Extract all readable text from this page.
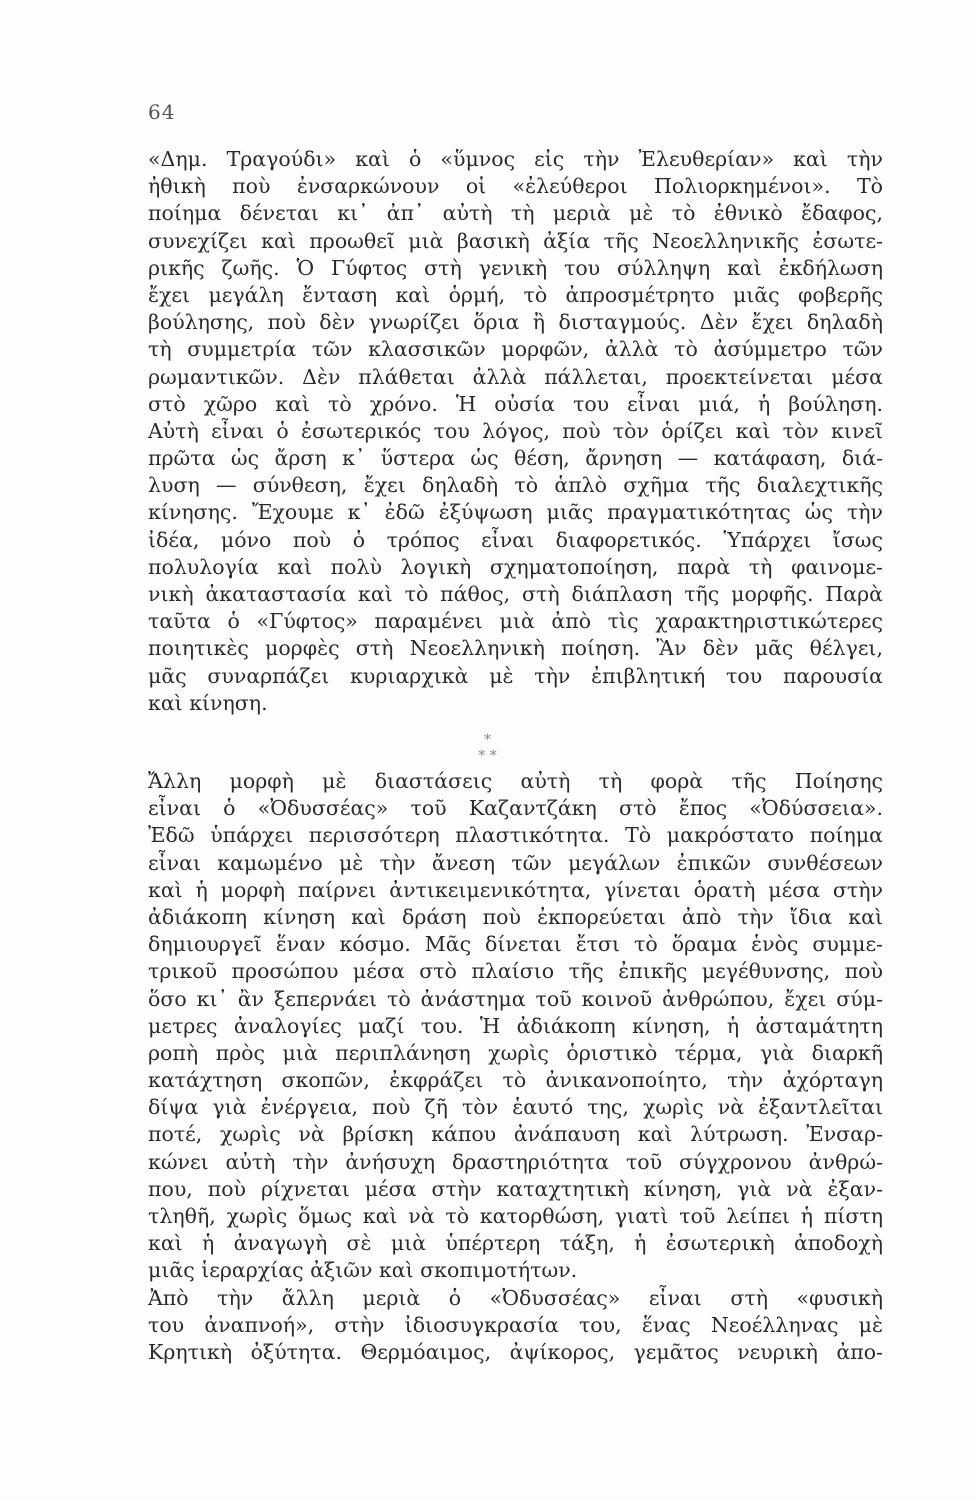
64
«Δημ. Τραγούδι» καὶ ὁ «ὕμνος εἰς τὴν Ἐλευθερίαν» καὶ τὴν
ἠθικὴ ποὺ ἐνσαρκώνουν οἱ «ἐλεύθεροι Πολιορκημένοι». Τὸ
ποίημα δένεται κι᾿ ἀπ᾿ αὐτὴ τὴ μεριὰ μὲ τὸ ἐθνικὸ ἔδαφος,
συνεχίζει καὶ προωθεῖ μιὰ βασικὴ ἀξία τῆς Νεοελληνικῆς ἐσωτε-
ρικῆς ζωῆς. Ὁ Γύφτος στὴ γενικὴ του σύλληψη καὶ ἐκδήλωση
ἔχει μεγάλη ἔνταση καὶ ὁρμή, τὸ ἀπροσμέτρητο μιᾶς φοβερῆς
βούλησης, ποὺ δὲν γνωρίζει ὅρια ἢ δισταγμούς. Δὲν ἔχει δηλαδὴ
τὴ συμμετρία τῶν κλασσικῶν μορφῶν, ἀλλὰ τὸ ἀσύμμετρο τῶν
ρωμαντικῶν. Δὲν πλάθεται ἀλλὰ πάλλεται, προεκτείνεται μέσα
στὸ χῶρο καὶ τὸ χρόνο. Ἡ οὐσία του εἶναι μιά, ἡ βούληση.
Αὐτὴ εἶναι ὁ ἐσωτερικός του λόγος, ποὺ τὸν ὁρίζει καὶ τὸν κινεῖ
πρῶτα ὡς ἄρση κ᾿ ὕστερα ὡς θέση, ἄρνηση — κατάφαση, διά-
λυση — σύνθεση, ἔχει δηλαδὴ τὸ ἁπλὸ σχῆμα τῆς διαλεχτικῆς
κίνησης. Ἔχουμε κ᾿ ἐδῶ ἐξύψωση μιᾶς πραγματικότητας ὡς τὴν
ἰδέα, μόνο ποὺ ὁ τρόπος εἶναι διαφορετικός. Ὑπάρχει ἴσως
πολυλογία καὶ πολὺ λογικὴ σχηματοποίηση, παρὰ τὴ φαινομε-
νικὴ ἀκαταστασία καὶ τὸ πάθος, στὴ διάπλαση τῆς μορφῆς. Παρὰ
ταῦτα ὁ «Γύφτος» παραμένει μιὰ ἀπὸ τὶς χαρακτηριστικώτερες
ποιητικὲς μορφὲς στὴ Νεοελληνικὴ ποίηση. Ἂν δὲν μᾶς θέλγει,
μᾶς συναρπάζει κυριαρχικὰ μὲ τὴν ἐπιβλητική του παρουσία
καὶ κίνηση.
*
* *
Ἄλλη μορφὴ μὲ διαστάσεις αὐτὴ τὴ φορὰ τῆς Ποίησης
εἶναι ὁ «Ὀδυσσέας» τοῦ Καζαντζάκη στὸ ἔπος «Ὀδύσσεια».
Ἐδῶ ὑπάρχει περισσότερη πλαστικότητα. Τὸ μακρόστατο ποίημα
εἶναι καμωμένο μὲ τὴν ἄνεση τῶν μεγάλων ἐπικῶν συνθέσεων
καὶ ἡ μορφὴ παίρνει ἀντικειμενικότητα, γίνεται ὁρατὴ μέσα στὴν
ἀδιάκοπη κίνηση καὶ δράση ποὺ ἐκπορεύεται ἀπὸ τὴν ἴδια καὶ
δημιουργεῖ ἕναν κόσμο. Μᾶς δίνεται ἔτσι τὸ ὅραμα ἑνὸς συμμε-
τρικοῦ προσώπου μέσα στὸ πλαίσιο τῆς ἐπικῆς μεγέθυνσης, ποὺ
ὅσο κι᾿ ἂν ξεπερνάει τὸ ἀνάστημα τοῦ κοινοῦ ἀνθρώπου, ἔχει σύμ-
μετρες ἀναλογίες μαζί του. Ἡ ἀδιάκοπη κίνηση, ἡ ἀσταμάτητη
ροπὴ πρὸς μιὰ περιπλάνηση χωρὶς ὁριστικὸ τέρμα, γιὰ διαρκῆ
κατάχτηση σκοπῶν, ἐκφράζει τὸ ἀνικανοποίητο, τὴν ἀχόρταγη
δίψα γιὰ ἐνέργεια, ποὺ ζῆ τὸν ἑαυτό της, χωρὶς νὰ ἐξαντλεῖται
ποτέ, χωρὶς νὰ βρίσκη κάπου ἀνάπαυση καὶ λύτρωση. Ἐνσαρ-
κώνει αὐτὴ τὴν ἀνήσυχη δραστηριότητα τοῦ σύγχρονου ἀνθρώ-
που, ποὺ ρίχνεται μέσα στὴν καταχτητικὴ κίνηση, γιὰ νὰ ἐξαν-
τληθῆ, χωρὶς ὅμως καὶ νὰ τὸ κατορθώση, γιατὶ τοῦ λείπει ἡ πίστη
καὶ ἡ ἀναγωγὴ σὲ μιὰ ὑπέρτερη τάξη, ἡ ἐσωτερικὴ ἀποδοχὴ
μιᾶς ἱεραρχίας ἀξιῶν καὶ σκοπιμοτήτων.
Ἀπὸ τὴν ἄλλη μεριὰ ὁ «Ὀδυσσέας» εἶναι στὴ «φυσικὴ
του ἀναπνοή», στὴν ἰδιοσυγκρασία του, ἕνας Νεοέλληνας μὲ
Κρητικὴ ὀξύτητα. Θερμόαιμος, ἀψίκορος, γεμᾶτος νευρικὴ ἀπο-
